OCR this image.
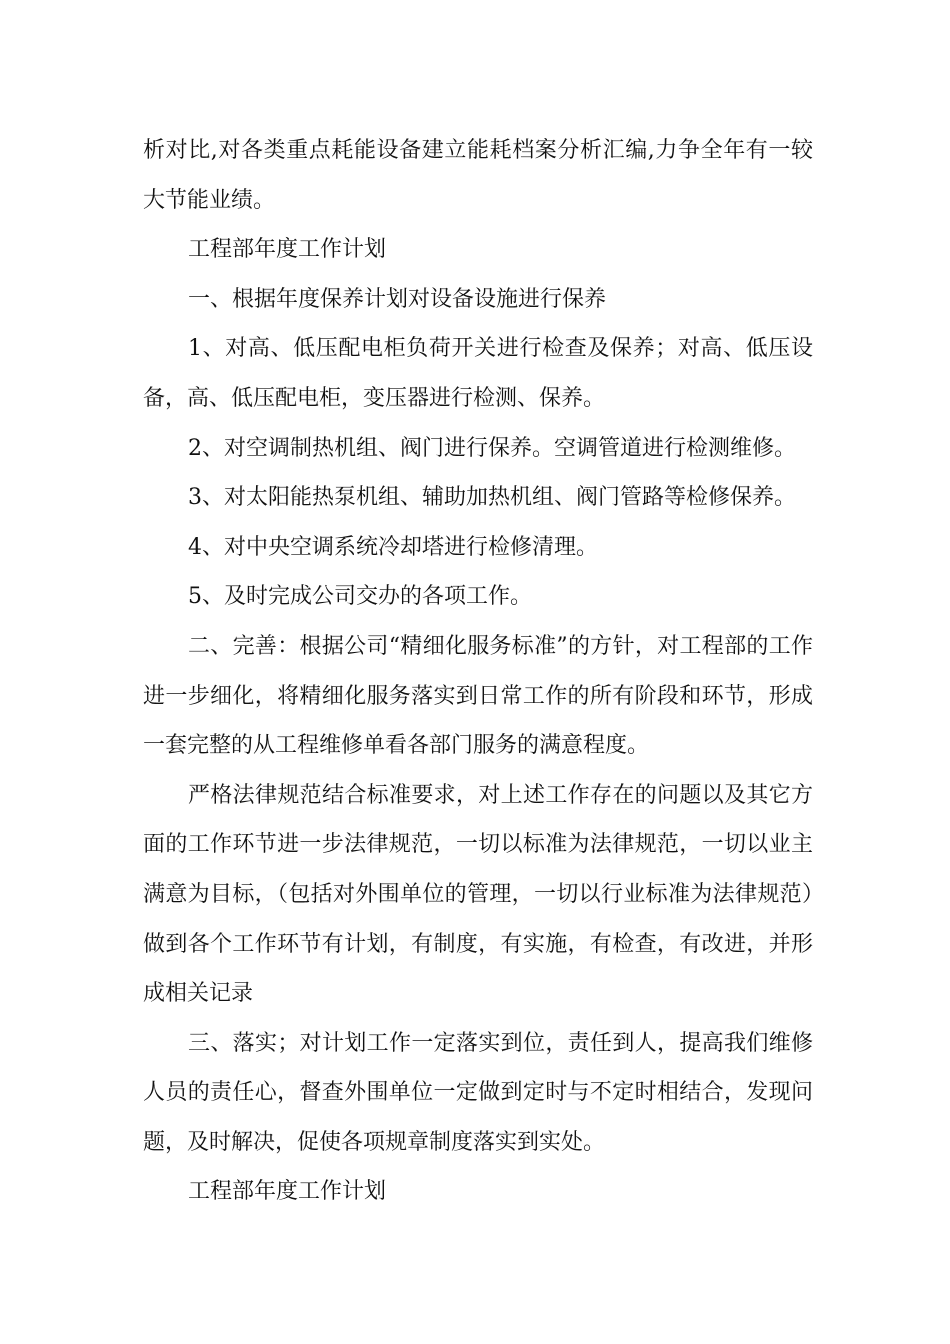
析对比,对各类重点耗能设备建立能耗档案分析汇编,力争全年有一较大节能业绩。

工程部年度工作计划

一、根据年度保养计划对设备设施进行保养

1、对高、低压配电柜负荷开关进行检查及保养；对高、低压设备，高、低压配电柜，变压器进行检测、保养。

2、对空调制热机组、阀门进行保养。空调管道进行检测维修。

3、对太阳能热泵机组、辅助加热机组、阀门管路等检修保养。

4、对中央空调系统冷却塔进行检修清理。

5、及时完成公司交办的各项工作。

二、完善：根据公司“精细化服务标准”的方针，对工程部的工作进一步细化，将精细化服务落实到日常工作的所有阶段和环节，形成一套完整的从工程维修单看各部门服务的满意程度。

严格法律规范结合标准要求，对上述工作存在的问题以及其它方面的工作环节进一步法律规范，一切以标准为法律规范，一切以业主满意为目标，（包括对外围单位的管理，一切以行业标准为法律规范）做到各个工作环节有计划，有制度，有实施，有检查，有改进，并形成相关记录

三、落实；对计划工作一定落实到位，责任到人，提高我们维修人员的责任心，督查外围单位一定做到定时与不定时相结合，发现问题，及时解决，促使各项规章制度落实到实处。

工程部年度工作计划
